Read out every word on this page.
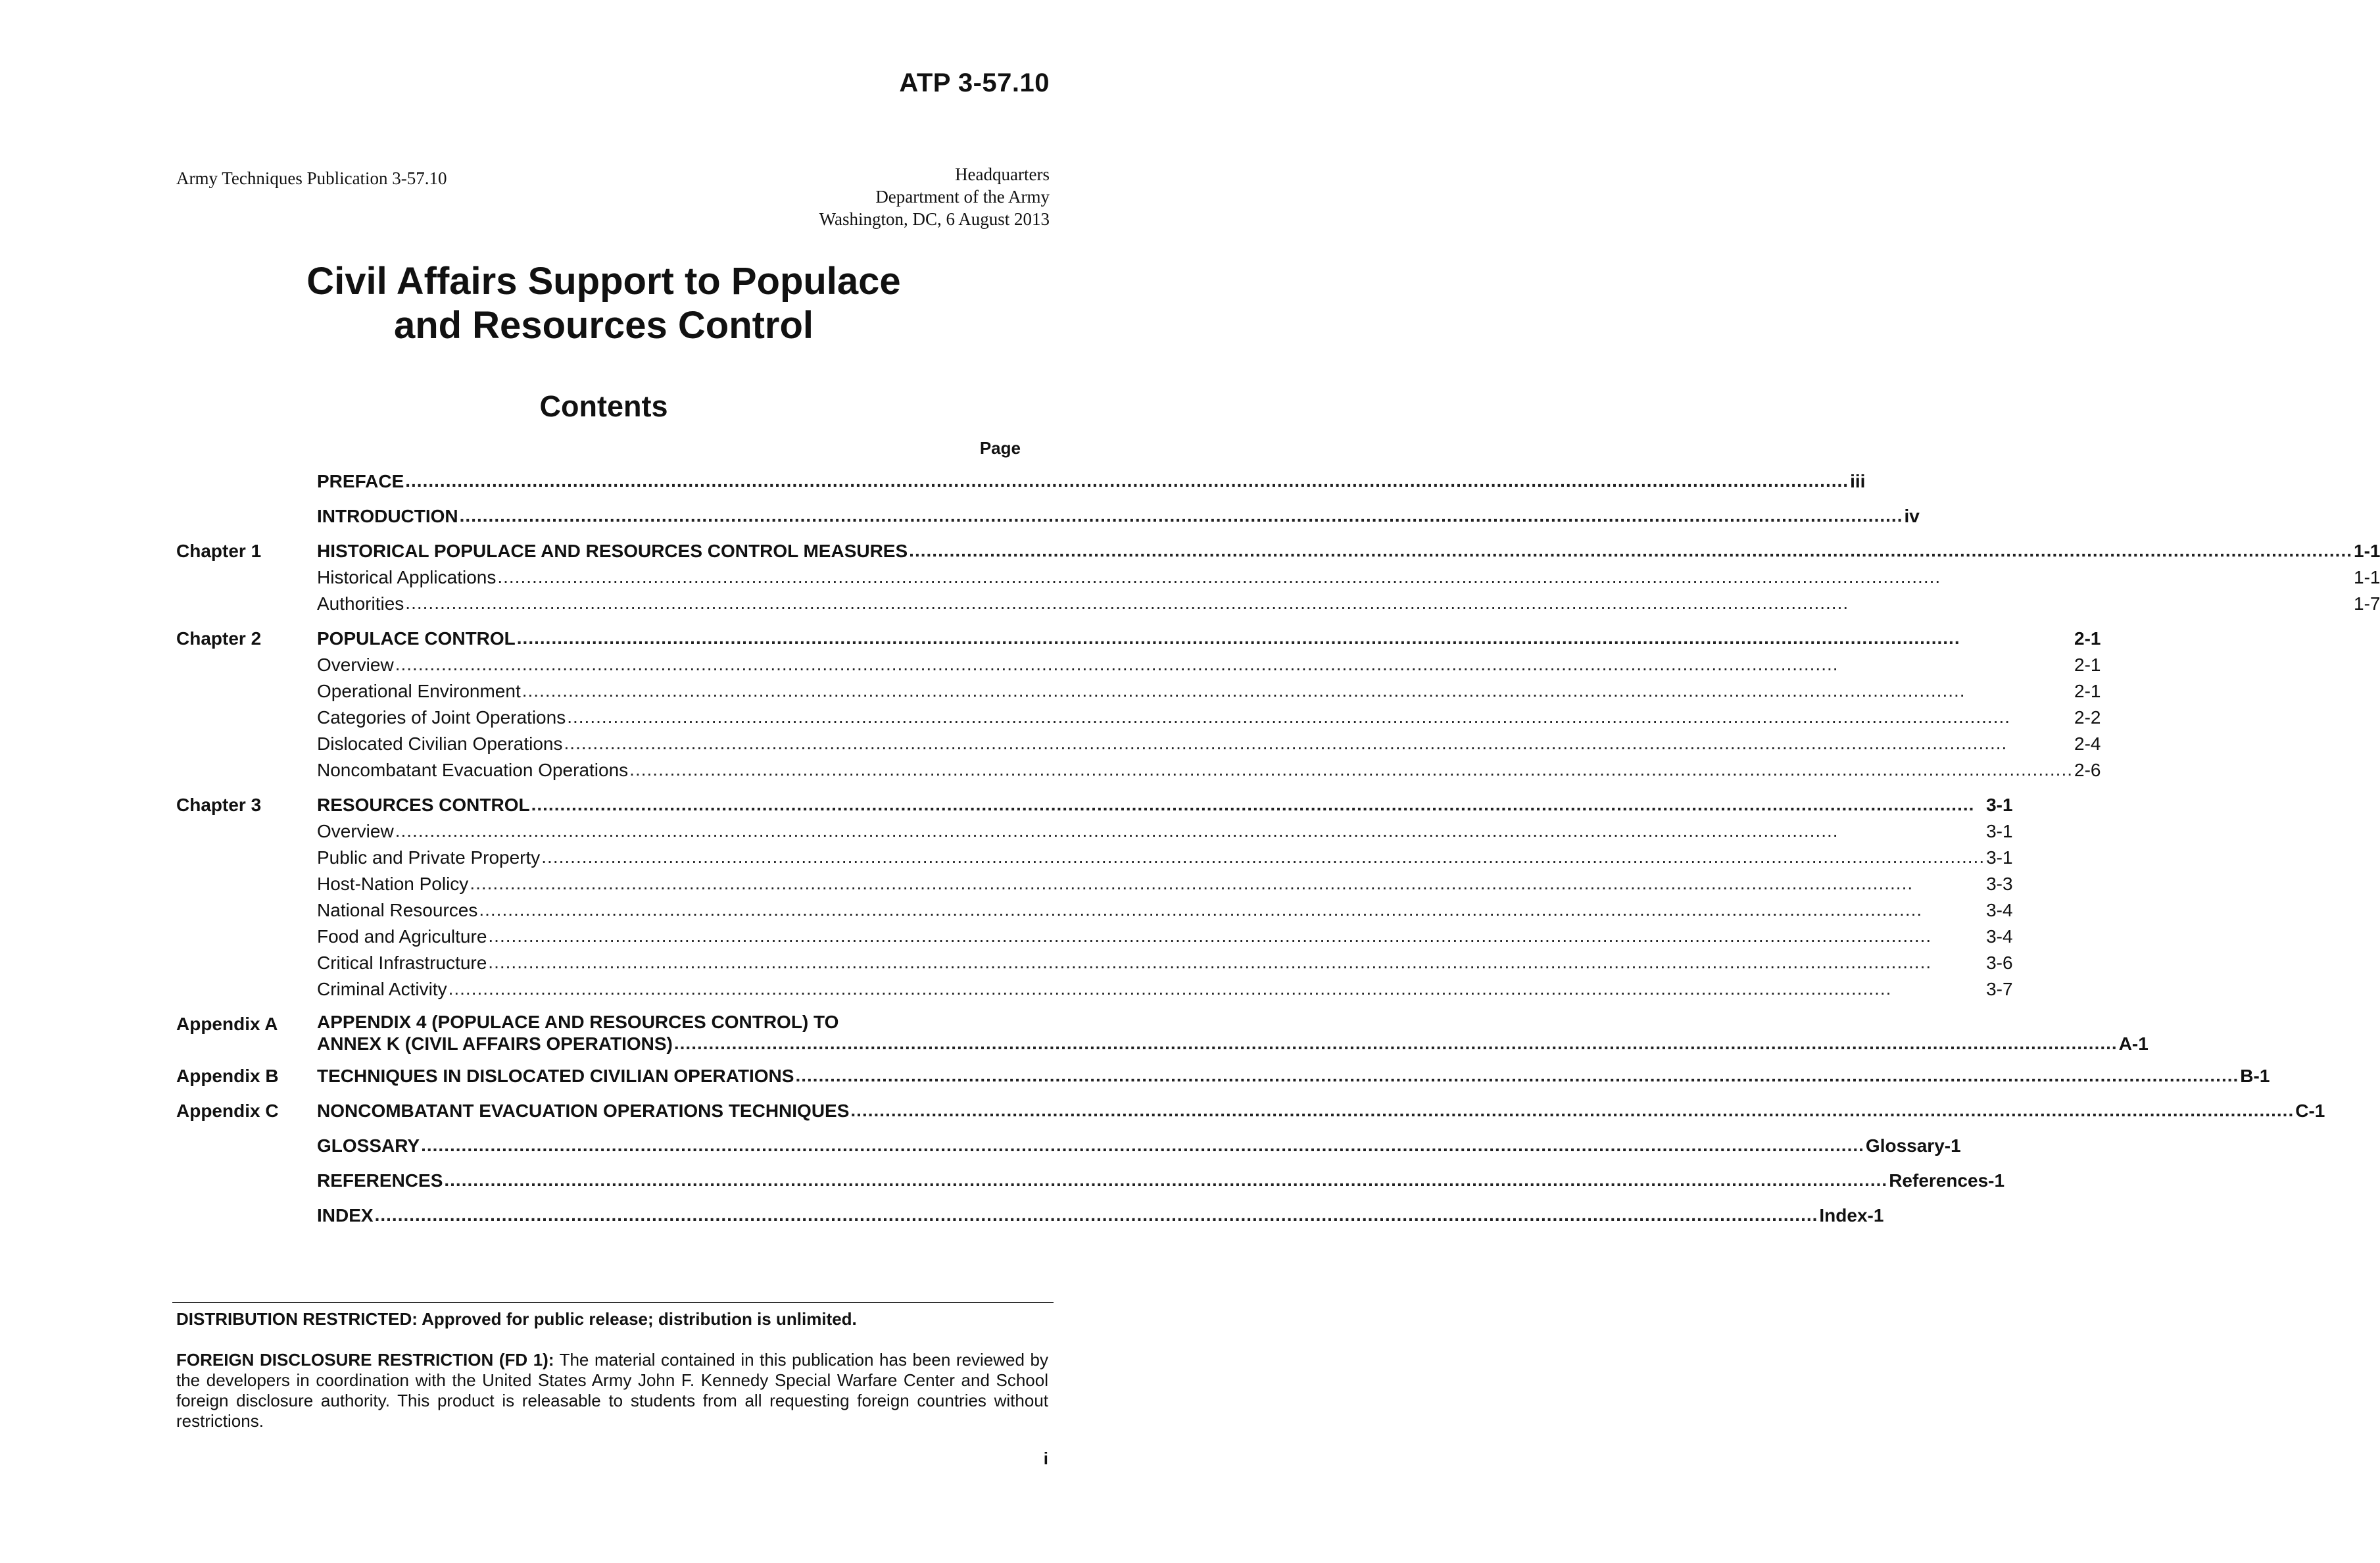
ATP 3-57.10
Army Techniques Publication 3-57.10	Headquarters
Department of the Army
Washington, DC, 6 August 2013
Civil Affairs Support to Populace
and Resources Control
Contents
Page
PREFACE .....	iii
INTRODUCTION .....	iv
Chapter 1	HISTORICAL POPULACE AND RESOURCES CONTROL MEASURES .....	1-1
Historical Applications .....	1-1
Authorities .....	1-7
Chapter 2	POPULACE CONTROL .....	2-1
Overview .....	2-1
Operational Environment .....	2-1
Categories of Joint Operations .....	2-2
Dislocated Civilian Operations .....	2-4
Noncombatant Evacuation Operations .....	2-6
Chapter 3	RESOURCES CONTROL .....	3-1
Overview .....	3-1
Public and Private Property .....	3-1
Host-Nation Policy .....	3-3
National Resources .....	3-4
Food and Agriculture .....	3-4
Critical Infrastructure .....	3-6
Criminal Activity .....	3-7
Appendix A	APPENDIX 4 (POPULACE AND RESOURCES CONTROL) TO
ANNEX K (CIVIL AFFAIRS OPERATIONS) .....	A-1
Appendix B	TECHNIQUES IN DISLOCATED CIVILIAN OPERATIONS .....	B-1
Appendix C	NONCOMBATANT EVACUATION OPERATIONS TECHNIQUES .....	C-1
GLOSSARY .....	Glossary-1
REFERENCES .....	References-1
INDEX .....	Index-1
DISTRIBUTION RESTRICTED: Approved for public release; distribution is unlimited.
FOREIGN DISCLOSURE RESTRICTION (FD 1): The material contained in this publication has been reviewed by the developers in coordination with the United States Army John F. Kennedy Special Warfare Center and School foreign disclosure authority. This product is releasable to students from all requesting foreign countries without restrictions.
i
